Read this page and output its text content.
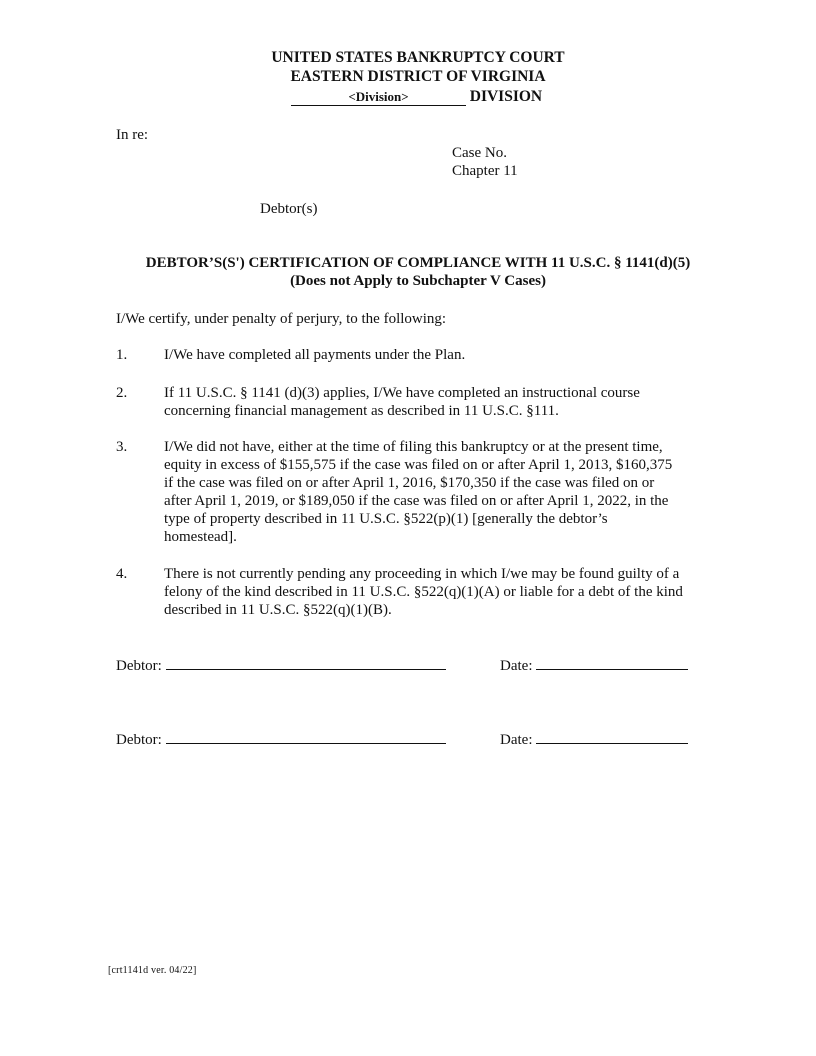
UNITED STATES BANKRUPTCY COURT
EASTERN DISTRICT OF VIRGINIA
<Division>	DIVISION
In re:
Case No.
Chapter 11
Debtor(s)
DEBTOR’S(S') CERTIFICATION OF COMPLIANCE WITH 11 U.S.C. § 1141(d)(5)
(Does not Apply to Subchapter V Cases)
I/We certify, under penalty of perjury, to the following:
1. I/We have completed all payments under the Plan.
2. If 11 U.S.C. § 1141 (d)(3) applies, I/We have completed an instructional course concerning financial management as described in 11 U.S.C. §111.
3. I/We did not have, either at the time of filing this bankruptcy or at the present time, equity in excess of $155,575 if the case was filed on or after April 1, 2013, $160,375 if the case was filed on or after April 1, 2016, $170,350 if the case was filed on or after April 1, 2019, or $189,050 if the case was filed on or after April 1, 2022, in the type of property described in 11 U.S.C. §522(p)(1) [generally the debtor’s homestead].
4. There is not currently pending any proceeding in which I/we may be found guilty of a felony of the kind described in 11 U.S.C. §522(q)(1)(A) or liable for a debt of the kind described in 11 U.S.C. §522(q)(1)(B).
Debtor:	Date:
Debtor:	Date:
[crt1141d ver. 04/22]
